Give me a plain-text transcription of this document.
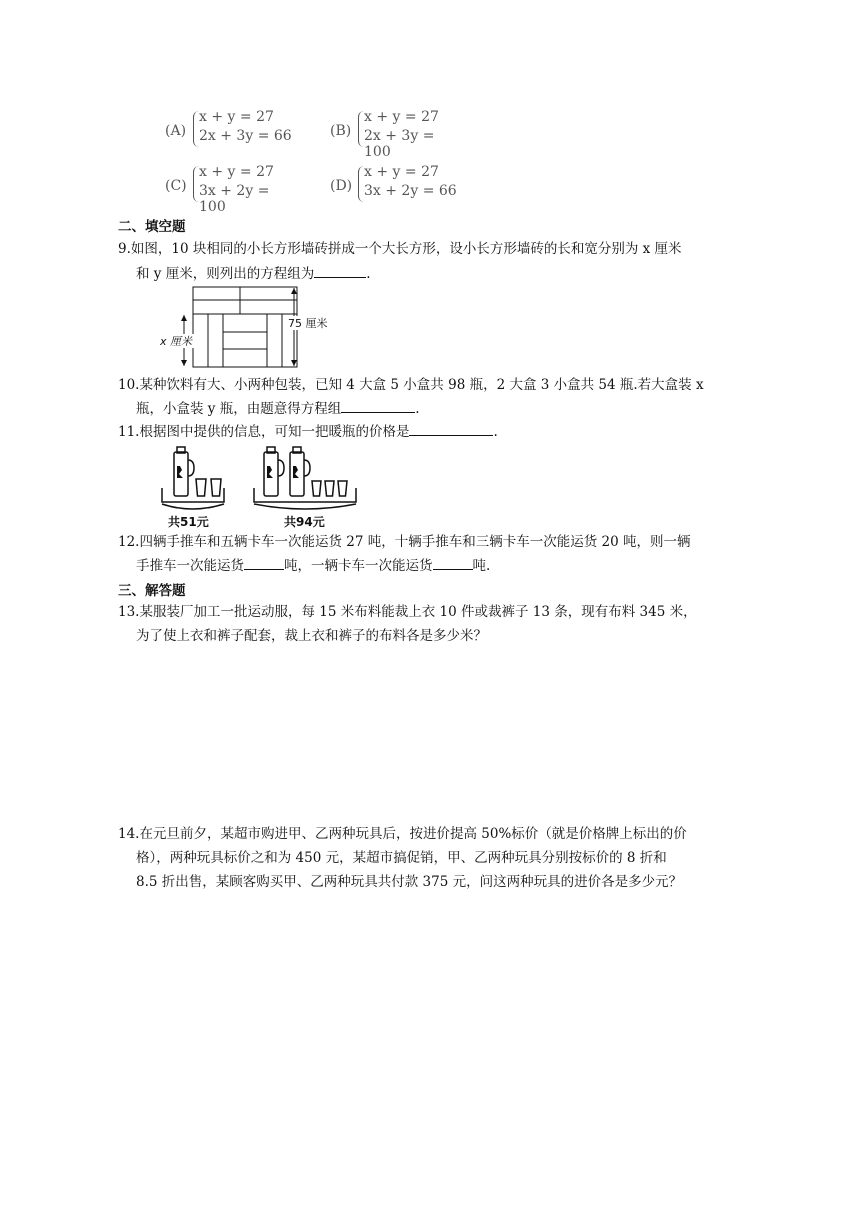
(A)
x + y = 27
2x + 3y = 66	(B)
x + y = 27
2x + 3y = 100
(C)
x + y = 27
3x + 2y = 100
(D)
x + y = 27
3x + 2y = 66
二、填空题
9.如图，10 块相同的小长方形墙砖拼成一个大长方形，设小长方形墙砖的长和宽分别为 x 厘米
和 y 厘米，则列出的方程组为	.
75 厘米
x 厘米
10.某种饮料有大、小两种包装，已知 4 大盒 5 小盒共 98 瓶，2 大盒 3 小盒共 54 瓶.若大盒装 x
瓶，小盒装 y 瓶，由题意得方程组	.
11.根据图中提供的信息，可知一把暖瓶的价格是	.
共51元	共94元
12.四辆手推车和五辆卡车一次能运货 27 吨，十辆手推车和三辆卡车一次能运货 20 吨，则一辆
手推车一次能运货	吨，一辆卡车一次能运货	吨.
三、解答题
13.某服装厂加工一批运动服，每 15 米布料能裁上衣 10 件或裁裤子 13 条，现有布料 345 米，
为了使上衣和裤子配套，裁上衣和裤子的布料各是多少米？
14.在元旦前夕，某超市购进甲、乙两种玩具后，按进价提高 50%标价（就是价格牌上标出的价
格），两种玩具标价之和为 450 元，某超市搞促销，甲、乙两种玩具分别按标价的 8 折和
8.5 折出售，某顾客购买甲、乙两种玩具共付款 375 元，问这两种玩具的进价各是多少元？
